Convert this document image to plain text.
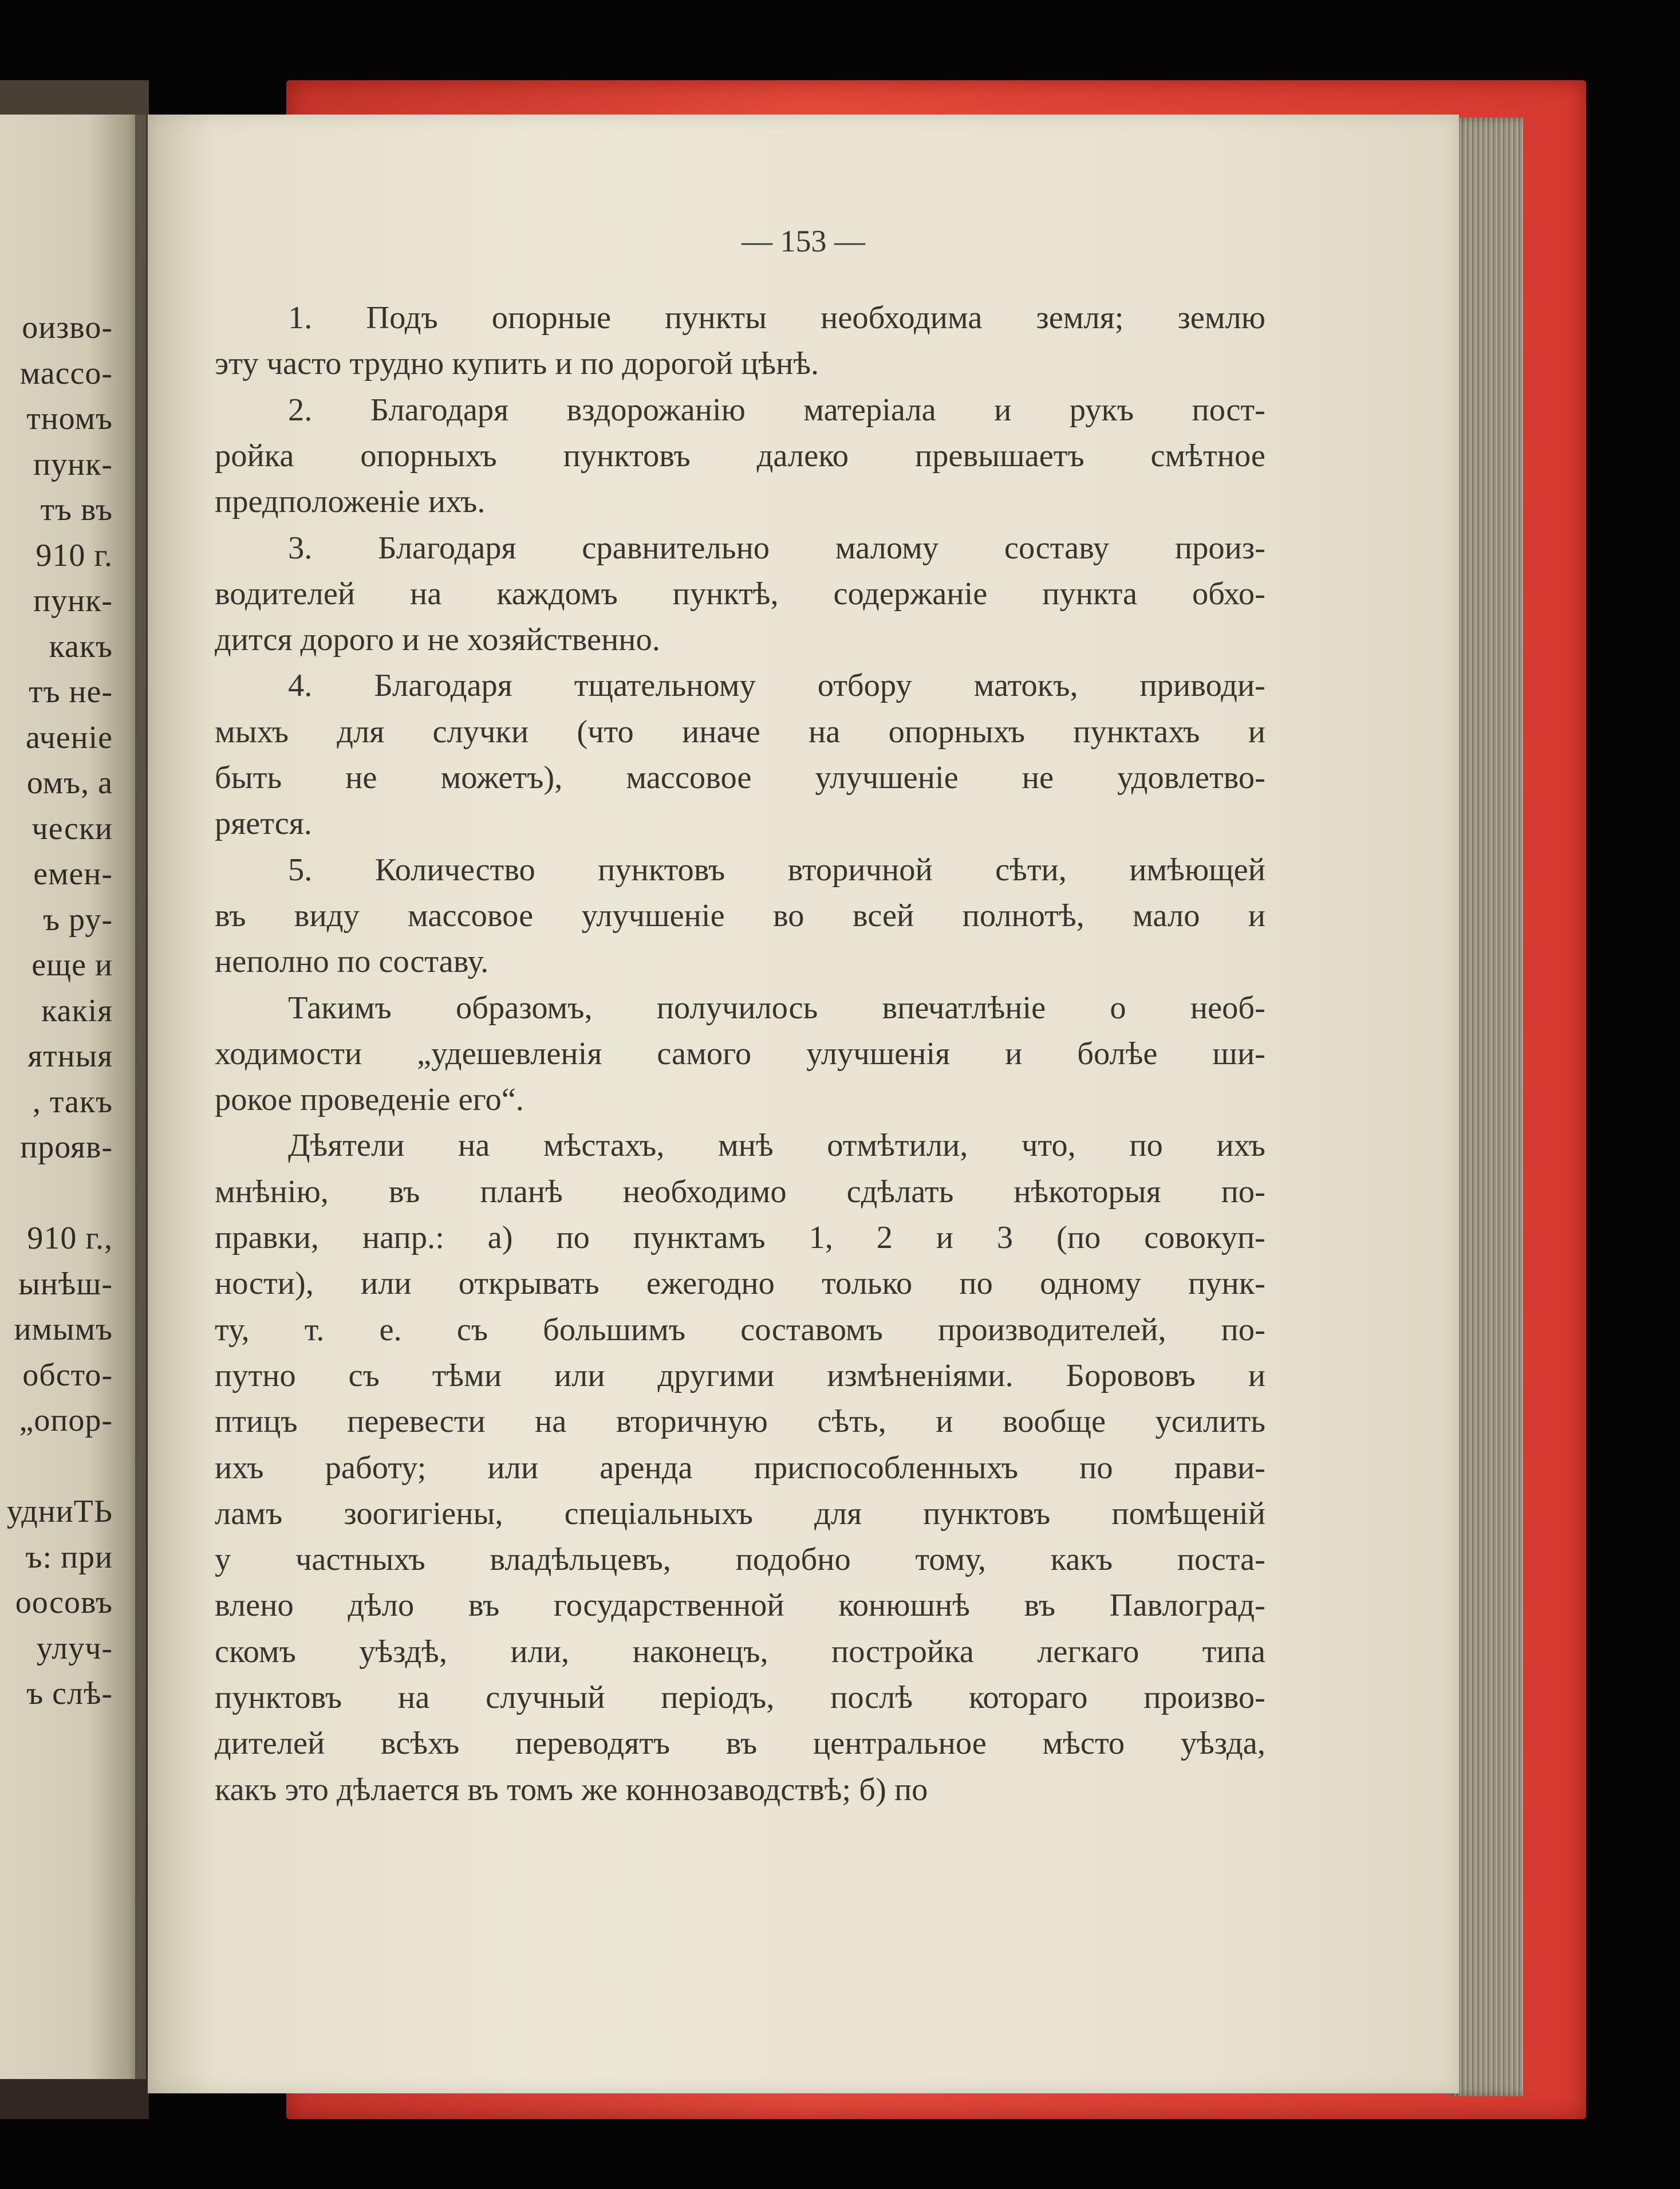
оизво-
массо-
тномъ
пунк-
тъ въ
910 г.
пунк-
какъ
тъ не-
аченіе
омъ, а
чески
емен-
ъ ру-
еще и
какія
ятныя
, такъ
прояв-
910 г.,
ынѣш-
имымъ
обсто-
„опор-
удниТЬ
ъ: при
оосовъ
улуч-
ъ слѣ-
— 153 —
1. Подъ опорные пункты необходима земля; землю
эту часто трудно купить и по дорогой цѣнѣ.
2. Благодаря вздорожанію матеріала и рукъ пост-
ройка опорныхъ пунктовъ далеко превышаетъ смѣтное
предположеніе ихъ.
3. Благодаря сравнительно малому составу произ-
водителей на каждомъ пунктѣ, содержаніе пункта обхо-
дится дорого и не хозяйственно.
4. Благодаря тщательному отбору матокъ, приводи-
мыхъ для случки (что иначе на опорныхъ пунктахъ и
быть не можетъ), массовое улучшеніе не удовлетво-
ряется.
5. Количество пунктовъ вторичной сѣти, имѣющей
въ виду массовое улучшеніе во всей полнотѣ, мало и
неполно по составу.
Такимъ образомъ, получилось впечатлѣніе о необ-
ходимости „удешевленія самого улучшенія и болѣе ши-
рокое проведеніе его“.
Дѣятели на мѣстахъ, мнѣ отмѣтили, что, по ихъ
мнѣнію, въ планѣ необходимо сдѣлать нѣкоторыя по-
правки, напр.: а) по пунктамъ 1, 2 и 3 (по совокуп-
ности), или открывать ежегодно только по одному пунк-
ту, т. е. съ большимъ составомъ производителей, по-
путно съ тѣми или другими измѣненіями. Борововъ и
птицъ перевести на вторичную сѣть, и вообще усилить
ихъ работу; или аренда приспособленныхъ по прави-
ламъ зоогигіены, спеціальныхъ для пунктовъ помѣщеній
у частныхъ владѣльцевъ, подобно тому, какъ поста-
влено дѣло въ государственной конюшнѣ въ Павлоград-
скомъ уѣздѣ, или, наконецъ, постройка легкаго типа
пунктовъ на случный періодъ, послѣ котораго произво-
дителей всѣхъ переводятъ въ центральное мѣсто уѣзда,
какъ это дѣлается въ томъ же коннозаводствѣ; б) по
